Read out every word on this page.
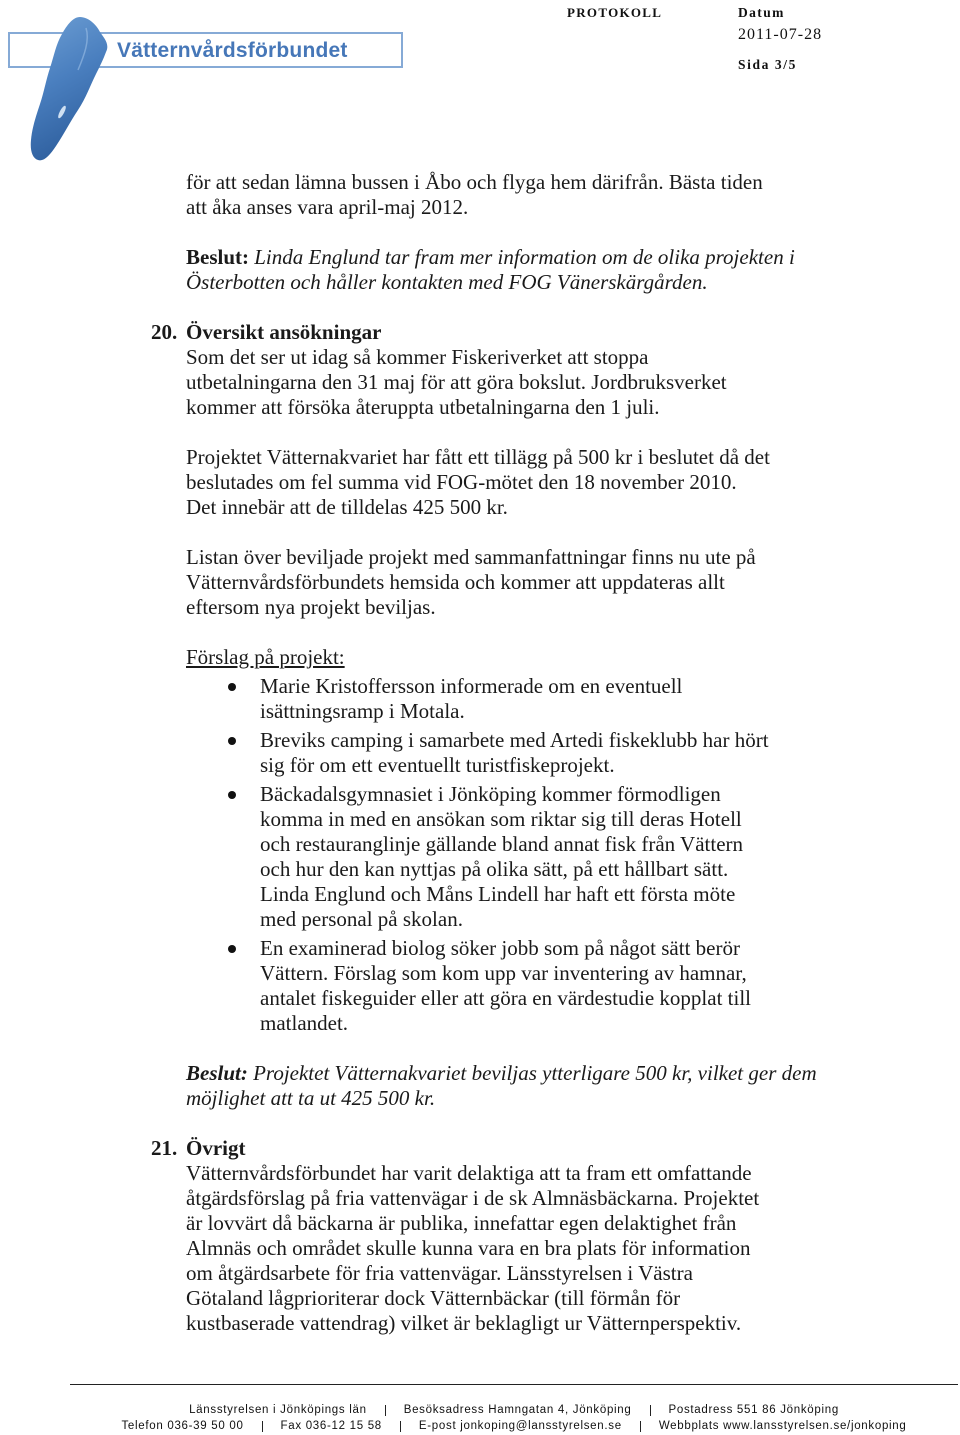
Vätternvårdsförbundet
PROTOKOLL	Datum
2011-07-28
Sida 3/5
för att sedan lämna bussen i Åbo och flyga hem därifrån. Bästa tiden
att åka anses vara april-maj 2012.
Beslut: Linda Englund tar fram mer information om de olika projekten i
Österbotten och håller kontakten med FOG Vänerskärgården.
20. Översikt ansökningar
Som det ser ut idag så kommer Fiskeriverket att stoppa
utbetalningarna den 31 maj för att göra bokslut. Jordbruksverket
kommer att försöka återuppta utbetalningarna den 1 juli.
Projektet Vätternakvariet har fått ett tillägg på 500 kr i beslutet då det
beslutades om fel summa vid FOG-mötet den 18 november 2010.
Det innebär att de tilldelas 425 500 kr.
Listan över beviljade projekt med sammanfattningar finns nu ute på
Vätternvårdsförbundets hemsida och kommer att uppdateras allt
eftersom nya projekt beviljas.
Förslag på projekt:
Marie Kristoffersson informerade om en eventuell
isättningsramp i Motala.
Breviks camping i samarbete med Artedi fiskeklubb har hört
sig för om ett eventuellt turistfiskeprojekt.
Bäckadalsgymnasiet i Jönköping kommer förmodligen
komma in med en ansökan som riktar sig till deras Hotell
och restauranglinje gällande bland annat fisk från Vättern
och hur den kan nyttjas på olika sätt, på ett hållbart sätt.
Linda Englund och Måns Lindell har haft ett första möte
med personal på skolan.
En examinerad biolog söker jobb som på något sätt berör
Vättern. Förslag som kom upp var inventering av hamnar,
antalet fiskeguider eller att göra en värdestudie kopplat till
matlandet.
Beslut: Projektet Vätternakvariet beviljas ytterligare 500 kr, vilket ger dem
möjlighet att ta ut 425 500 kr.
21. Övrigt
Vätternvårdsförbundet har varit delaktiga att ta fram ett omfattande
åtgärdsförslag på fria vattenvägar i de sk Almnäsbäckarna. Projektet
är lovvärt då bäckarna är publika, innefattar egen delaktighet från
Almnäs och området skulle kunna vara en bra plats för information
om åtgärdsarbete för fria vattenvägar. Länsstyrelsen i Västra
Götaland lågprioriterar dock Vätternbäckar (till förmån för
kustbaserade vattendrag) vilket är beklagligt ur Vätternperspektiv.
Länsstyrelsen i Jönköpings län	Besöksadress Hamngatan 4, Jönköping	Postadress 551 86 Jönköping
Telefon 036-39 50 00	Fax 036-12 15 58	E-post jonkoping@lansstyrelsen.se	Webbplats www.lansstyrelsen.se/jonkoping
